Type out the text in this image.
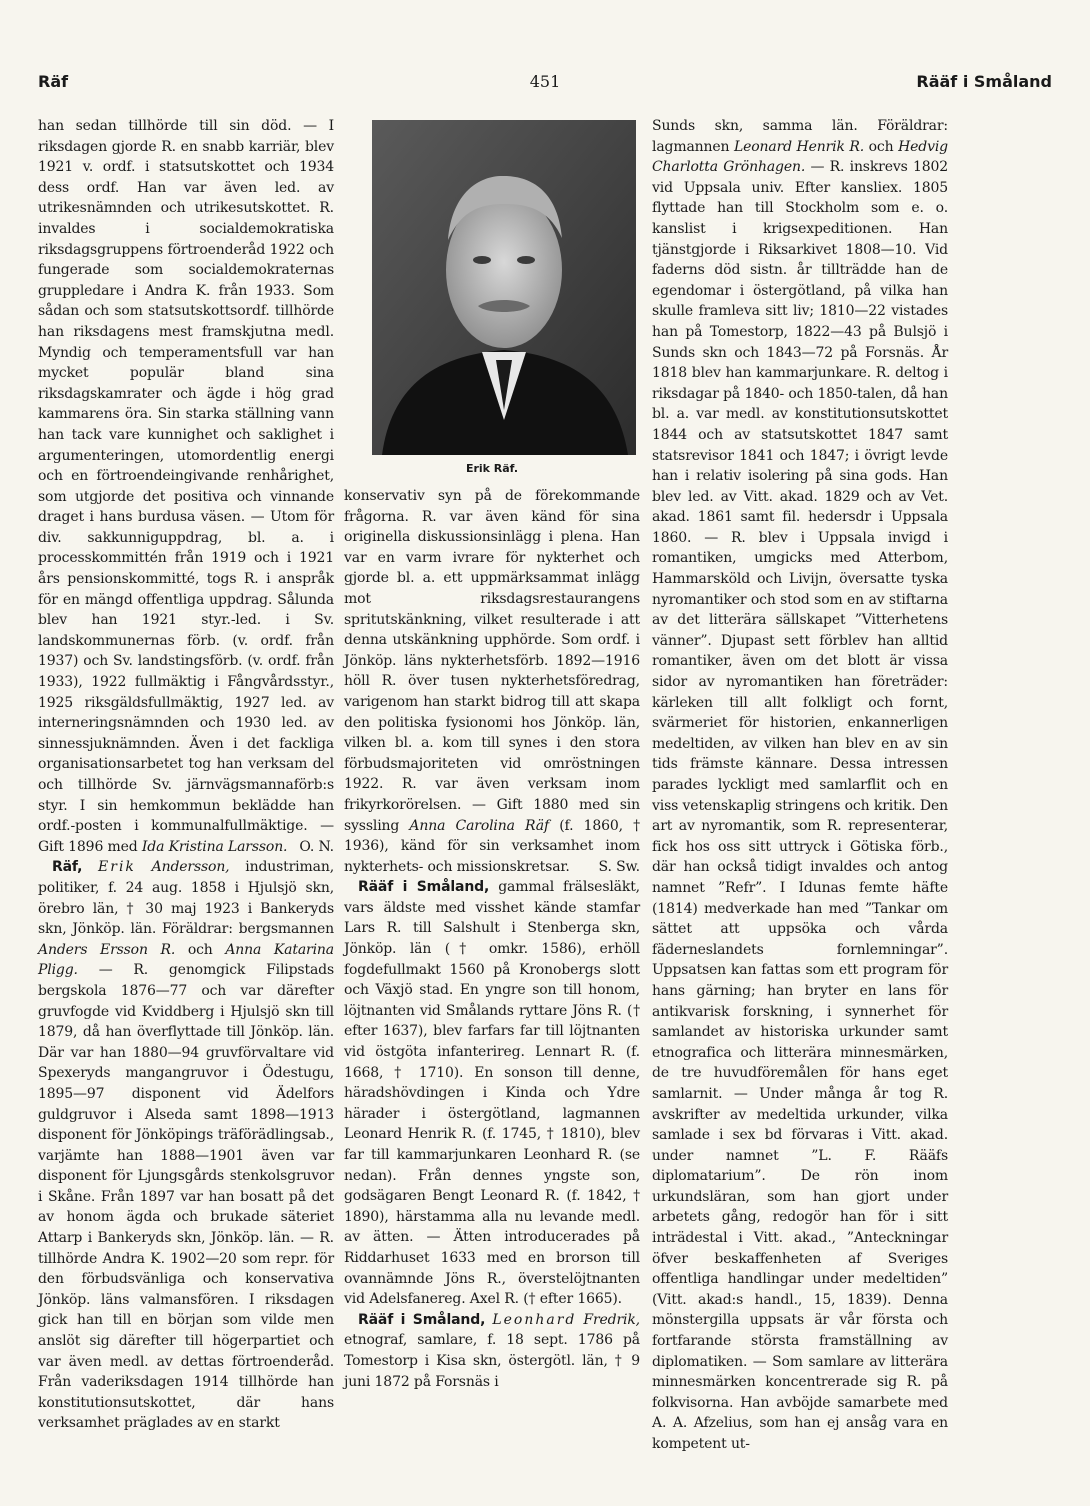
Räf	451	Rääf i Småland

han sedan tillhörde till sin död. — I riksdagen gjorde R. en snabb karriär, blev 1921 v. ordf. i statsutskottet och 1934 dess ordf. Han var även led. av utrikesnämnden och utrikesutskottet. R. invaldes i socialdemokratiska riksdagsgruppens förtroenderåd 1922 och fungerade som socialdemokraternas gruppledare i Andra K. från 1933. Som sådan och som statsutskottsordf. tillhörde han riksdagens mest framskjutna medl. Myndig och temperamentsfull var han mycket populär bland sina riksdagskamrater och ägde i hög grad kammarens öra. Sin starka ställning vann han tack vare kunnighet och saklighet i argumenteringen, utomordentlig energi och en förtroendeingivande renhårighet, som utgjorde det positiva och vinnande draget i hans burdusa väsen. — Utom för div. sakkunniguppdrag, bl. a. i processkommittén från 1919 och i 1921 års pensionskommitté, togs R. i anspråk för en mängd offentliga uppdrag. Sålunda blev han 1921 styr.-led. i Sv. landskommunernas förb. (v. ordf. från 1937) och Sv. landstingsförb. (v. ordf. från 1933), 1922 fullmäktig i Fångvårdsstyr., 1925 riksgäldsfullmäktig, 1927 led. av interneringsnämnden och 1930 led. av sinnessjuknämnden. Även i det fackliga organisationsarbetet tog han verksam del och tillhörde Sv. järnvägsmannaförb:s styr. I sin hemkommun beklädde han ordf.-posten i kommunalfullmäktige. — Gift 1896 med Ida Kristina Larsson. O. N.

Räf, Erik Andersson, industriman, politiker, f. 24 aug. 1858 i Hjulsjö skn, örebro län, † 30 maj 1923 i Bankeryds skn, Jönköp. län. Föräldrar: bergsmannen Anders Ersson R. och Anna Katarina Pligg. — R. genomgick Filipstads bergskola 1876—77 och var därefter gruvfogde vid Kviddberg i Hjulsjö skn till 1879, då han överflyttade till Jönköp. län. Där var han 1880—94 gruvförvaltare vid Spexeryds mangangruvor i Ödestugu, 1895—97 disponent vid Ädelfors guldgruvor i Alseda samt 1898—1913 disponent för Jönköpings träförädlingsab., varjämte han 1888—1901 även var disponent för Ljungsgårds stenkolsgruvor i Skåne. Från 1897 var han bosatt på det av honom ägda och brukade säteriet Attarp i Bankeryds skn, Jönköp. län. — R. tillhörde Andra K. 1902—20 som repr. för den förbudsvänliga och konservativa Jönköp. läns valmansfören. I riksdagen gick han till en början som vilde men anslöt sig därefter till högerpartiet och var även medl. av dettas förtroenderåd. Från vaderiksdagen 1914 tillhörde han konstitutionsutskottet, där hans verksamhet präglades av en starkt

Erik Räf.

konservativ syn på de förekommande frågorna. R. var även känd för sina originella diskussionsinlägg i plena. Han var en varm ivrare för nykterhet och gjorde bl. a. ett uppmärksammat inlägg mot riksdagsrestaurangens spritutskänkning, vilket resulterade i att denna utskänkning upphörde. Som ordf. i Jönköp. läns nykterhetsförb. 1892—1916 höll R. över tusen nykterhetsföredrag, varigenom han starkt bidrog till att skapa den politiska fysionomi hos Jönköp. län, vilken bl. a. kom till synes i den stora förbudsmajoriteten vid omröstningen 1922. R. var även verksam inom frikyrkorörelsen. — Gift 1880 med sin syssling Anna Carolina Räf (f. 1860, † 1936), känd för sin verksamhet inom nykterhets- och missionskretsar. S. Sw.

Rääf i Småland, gammal frälsesläkt, vars äldste med visshet kände stamfar Lars R. till Salshult i Stenberga skn, Jönköp. län († omkr. 1586), erhöll fogdefullmakt 1560 på Kronobergs slott och Växjö stad. En yngre son till honom, löjtnanten vid Smålands ryttare Jöns R. († efter 1637), blev farfars far till löjtnanten vid östgöta infanterireg. Lennart R. (f. 1668, † 1710). En sonson till denne, häradshövdingen i Kinda och Ydre härader i östergötland, lagmannen Leonard Henrik R. (f. 1745, † 1810), blev far till kammarjunkaren Leonhard R. (se nedan). Från dennes yngste son, godsägaren Bengt Leonard R. (f. 1842, † 1890), härstamma alla nu levande medl. av ätten. — Ätten introducerades på Riddarhuset 1633 med en brorson till ovannämnde Jöns R., överstelöjtnanten vid Adelsfanereg. Axel R. († efter 1665).

Rääf i Småland, Leonhard Fredrik, etnograf, samlare, f. 18 sept. 1786 på Tomestorp i Kisa skn, östergötl. län, † 9 juni 1872 på Forsnäs i

Sunds skn, samma län. Föräldrar: lagmannen Leonard Henrik R. och Hedvig Charlotta Grönhagen. — R. inskrevs 1802 vid Uppsala univ. Efter kansliex. 1805 flyttade han till Stockholm som e. o. kanslist i krigsexpeditionen. Han tjänstgjorde i Riksarkivet 1808—10. Vid faderns död sistn. år tillträdde han de egendomar i östergötland, på vilka han skulle framleva sitt liv; 1810—22 vistades han på Tomestorp, 1822—43 på Bulsjö i Sunds skn och 1843—72 på Forsnäs. År 1818 blev han kammarjunkare. R. deltog i riksdagar på 1840- och 1850-talen, då han bl. a. var medl. av konstitutionsutskottet 1844 och av statsutskottet 1847 samt statsrevisor 1841 och 1847; i övrigt levde han i relativ isolering på sina gods. Han blev led. av Vitt. akad. 1829 och av Vet. akad. 1861 samt fil. hedersdr i Uppsala 1860. — R. blev i Uppsala invigd i romantiken, umgicks med Atterbom, Hammarsköld och Livijn, översatte tyska nyromantiker och stod som en av stiftarna av det litterära sällskapet ”Vitterhetens vänner”. Djupast sett förblev han alltid romantiker, även om det blott är vissa sidor av nyromantiken han företräder: kärleken till allt folkligt och fornt, svärmeriet för historien, enkannerligen medeltiden, av vilken han blev en av sin tids främste kännare. Dessa intressen parades lyckligt med samlarflit och en viss vetenskaplig stringens och kritik. Den art av nyromantik, som R. representerar, fick hos oss sitt uttryck i Götiska förb., där han också tidigt invaldes och antog namnet ”Refr”. I Idunas femte häfte (1814) medverkade han med ”Tankar om sättet att uppsöka och vårda fäderneslandets fornlemningar”. Uppsatsen kan fattas som ett program för hans gärning; han bryter en lans för antikvarisk forskning, i synnerhet för samlandet av historiska urkunder samt etnografica och litterära minnesmärken, de tre huvudföremålen för hans eget samlarnit. — Under många år tog R. avskrifter av medeltida urkunder, vilka samlade i sex bd förvaras i Vitt. akad. under namnet ”L. F. Rääfs diplomatarium”. De rön inom urkundsläran, som han gjort under arbetets gång, redogör han för i sitt inträdestal i Vitt. akad., ”Anteckningar öfver beskaffenheten af Sveriges offentliga handlingar under medeltiden” (Vitt. akad:s handl., 15, 1839). Denna mönstergilla uppsats är vår första och fortfarande största framställning av diplomatiken. — Som samlare av litterära minnesmärken koncentrerade sig R. på folkvisorna. Han avböjde samarbete med A. A. Afzelius, som han ej ansåg vara en kompetent ut-
